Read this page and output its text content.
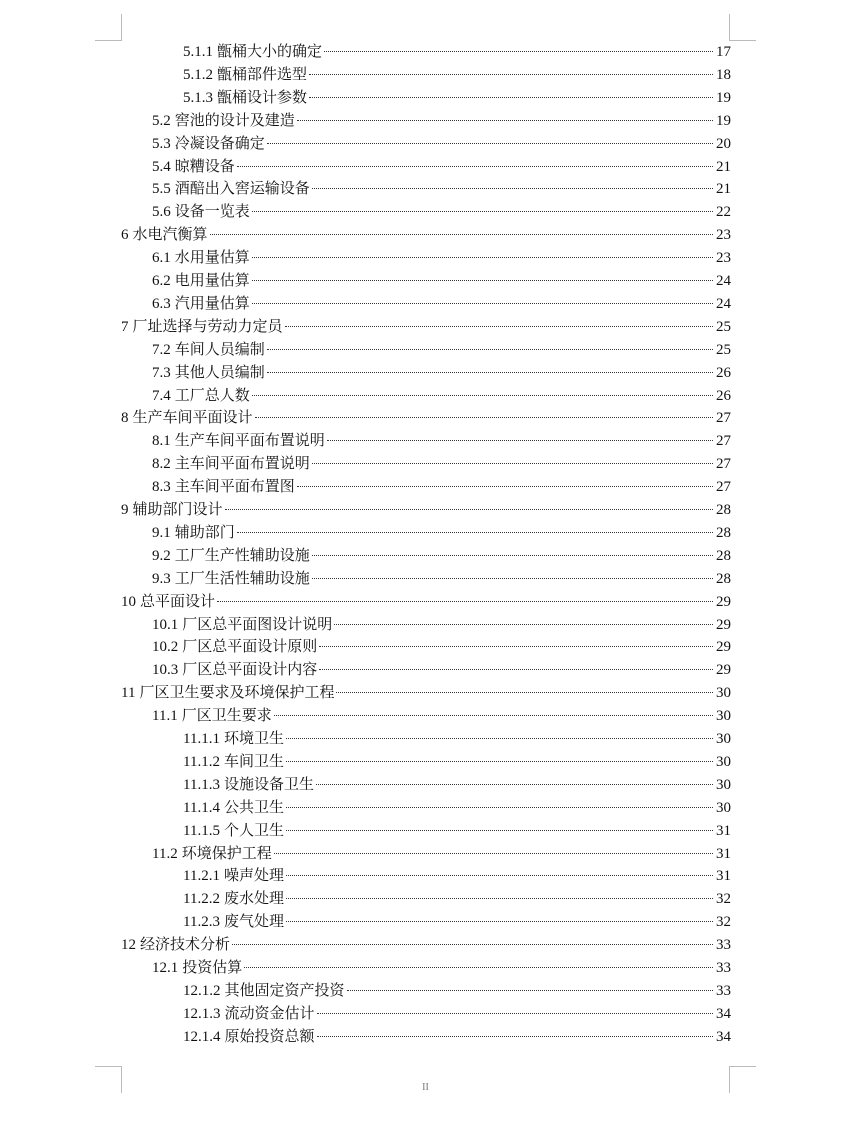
5.1.1 甑桶大小的确定	17
5.1.2 甑桶部件选型	18
5.1.3 甑桶设计参数	19
5.2 窖池的设计及建造	19
5.3 冷凝设备确定	20
5.4 晾糟设备	21
5.5 酒醅出入窖运输设备	21
5.6 设备一览表	22
6 水电汽衡算	23
6.1 水用量估算	23
6.2 电用量估算	24
6.3 汽用量估算	24
7 厂址选择与劳动力定员	25
7.2 车间人员编制	25
7.3 其他人员编制	26
7.4 工厂总人数	26
8 生产车间平面设计	27
8.1 生产车间平面布置说明	27
8.2 主车间平面布置说明	27
8.3 主车间平面布置图	27
9 辅助部门设计	28
9.1 辅助部门	28
9.2 工厂生产性辅助设施	28
9.3 工厂生活性辅助设施	28
10 总平面设计	29
10.1 厂区总平面图设计说明	29
10.2 厂区总平面设计原则	29
10.3 厂区总平面设计内容	29
11 厂区卫生要求及环境保护工程	30
11.1 厂区卫生要求	30
11.1.1 环境卫生	30
11.1.2 车间卫生	30
11.1.3 设施设备卫生	30
11.1.4 公共卫生	30
11.1.5 个人卫生	31
11.2 环境保护工程	31
11.2.1 噪声处理	31
11.2.2 废水处理	32
11.2.3 废气处理	32
12 经济技术分析	33
12.1 投资估算	33
12.1.2 其他固定资产投资	33
12.1.3 流动资金估计	34
12.1.4 原始投资总额	34
II
